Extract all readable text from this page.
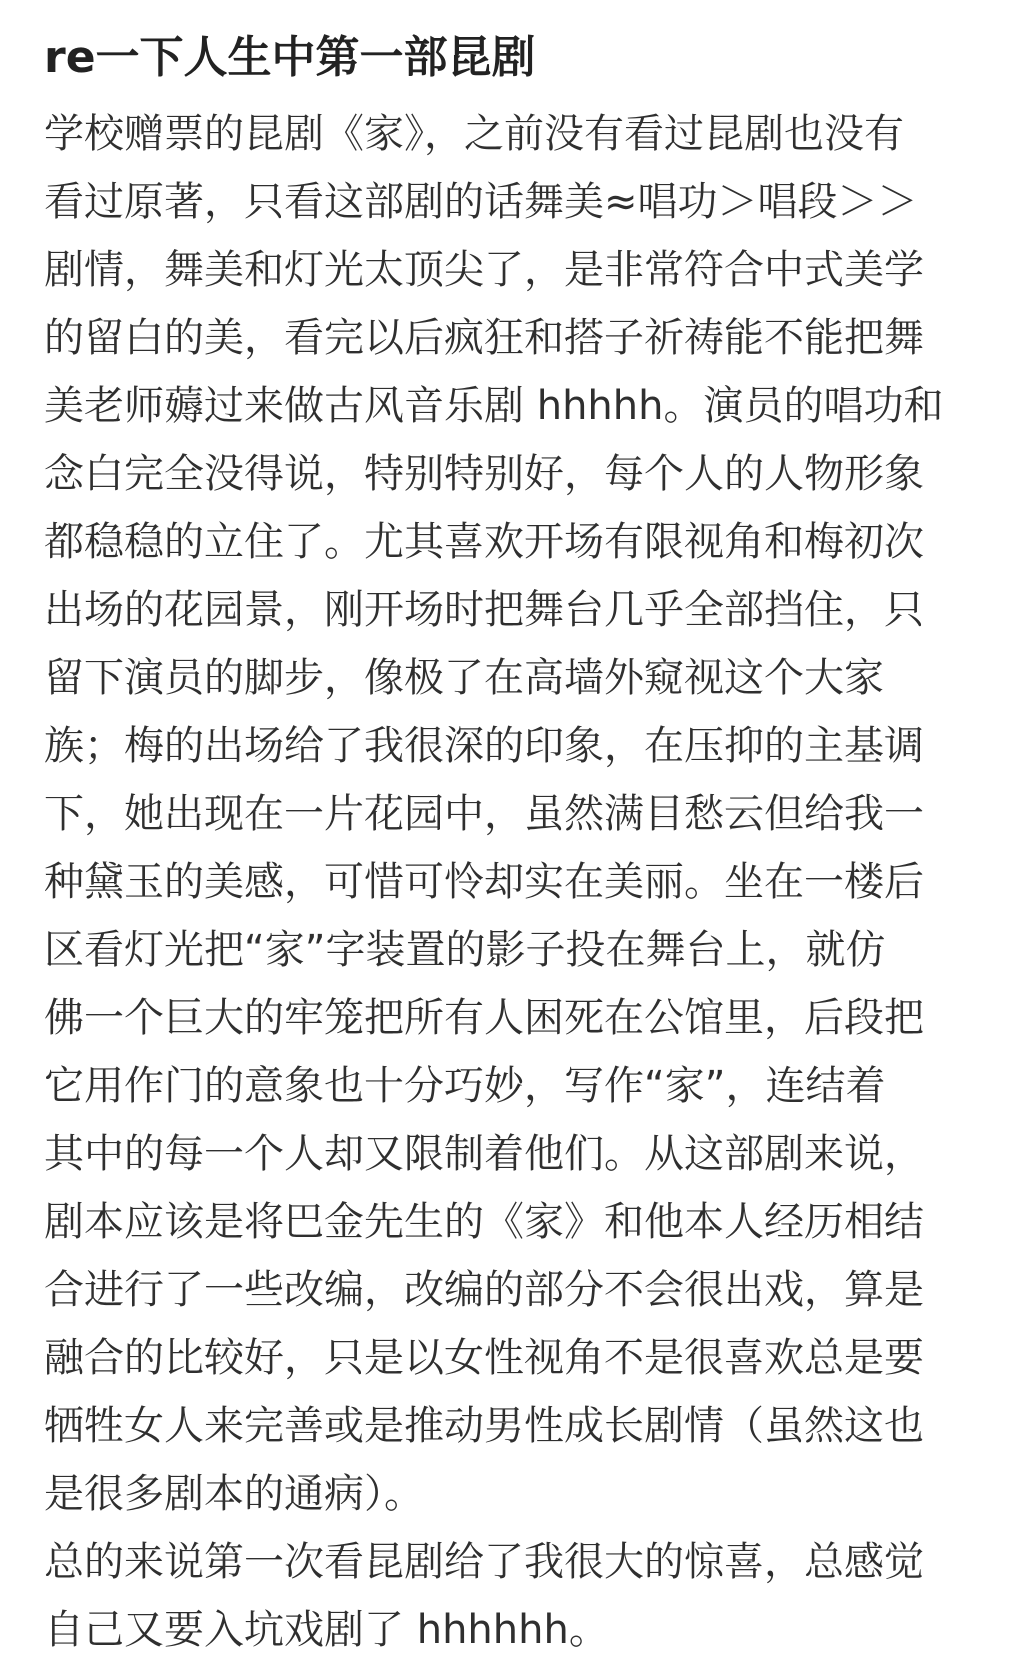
re一下人生中第一部昆剧
学校赠票的昆剧《家》，之前没有看过昆剧也没有
看过原著，只看这部剧的话舞美≈唱功＞唱段＞＞
剧情，舞美和灯光太顶尖了，是非常符合中式美学
的留白的美，看完以后疯狂和搭子祈祷能不能把舞
美老师薅过来做古风音乐剧 hhhhh。演员的唱功和
念白完全没得说，特别特别好，每个人的人物形象
都稳稳的立住了。尤其喜欢开场有限视角和梅初次
出场的花园景，刚开场时把舞台几乎全部挡住，只
留下演员的脚步，像极了在高墙外窥视这个大家
族；梅的出场给了我很深的印象，在压抑的主基调
下，她出现在一片花园中，虽然满目愁云但给我一
种黛玉的美感，可惜可怜却实在美丽。坐在一楼后
区看灯光把“家”字装置的影子投在舞台上，就仿
佛一个巨大的牢笼把所有人困死在公馆里，后段把
它用作门的意象也十分巧妙，写作“家”，连结着
其中的每一个人却又限制着他们。从这部剧来说，
剧本应该是将巴金先生的《家》和他本人经历相结
合进行了一些改编，改编的部分不会很出戏，算是
融合的比较好，只是以女性视角不是很喜欢总是要
牺牲女人来完善或是推动男性成长剧情（虽然这也
是很多剧本的通病）。
总的来说第一次看昆剧给了我很大的惊喜，总感觉
自己又要入坑戏剧了 hhhhhh。
